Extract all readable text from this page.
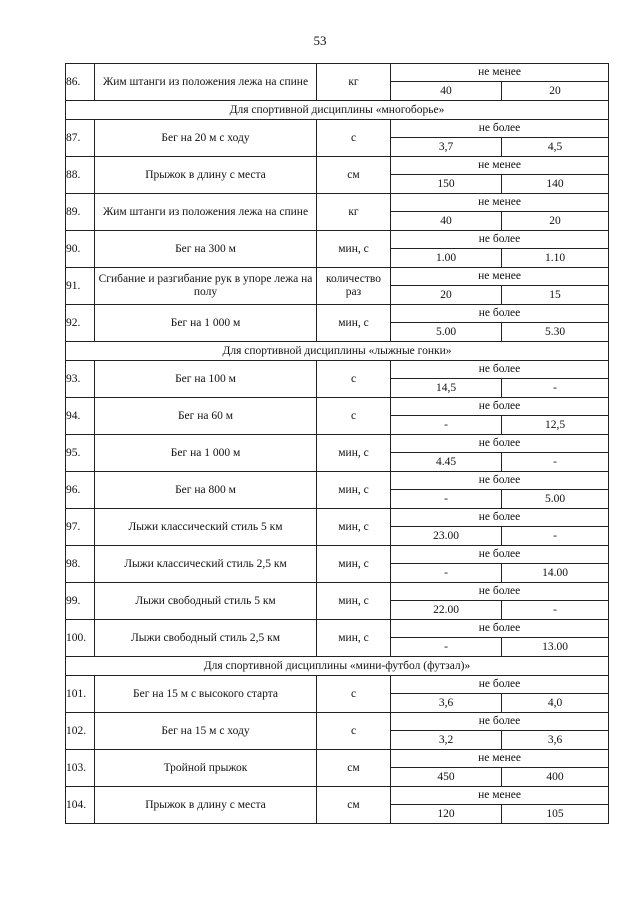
53
86.	Жим штанги из положения лежа на спине	кг	не менее	
			40	20
Для спортивной дисциплины «многоборье»				
87.	Бег на 20 м с ходу	с	не более	
			3,7	4,5
88.	Прыжок в длину с места	см	не менее	
			150	140
89.	Жим штанги из положения лежа на спине	кг	не менее	
			40	20
90.	Бег на 300 м	мин, с	не более	
			1.00	1.10
91.	Сгибание и разгибание рук в упоре лежа на полу	количество раз	не менее	
			20	15
92.	Бег на 1 000 м	мин, с	не более	
			5.00	5.30
Для спортивной дисциплины «лыжные гонки»				
93.	Бег на 100 м	с	не более	
			14,5	-
94.	Бег на 60 м	с	не более	
			-	12,5
95.	Бег на 1 000 м	мин, с	не более	
			4.45	-
96.	Бег на 800 м	мин, с	не более	
			-	5.00
97.	Лыжи классический стиль 5 км	мин, с	не более	
			23.00	-
98.	Лыжи классический стиль 2,5 км	мин, с	не более	
			-	14.00
99.	Лыжи свободный стиль 5 км	мин, с	не более	
			22.00	-
100.	Лыжи свободный стиль 2,5 км	мин, с	не более	
			-	13.00
Для спортивной дисциплины «мини-футбол (футзал)»				
101.	Бег на 15 м с высокого старта	с	не более	
			3,6	4,0
102.	Бег на 15 м с ходу	с	не более	
			3,2	3,6
103.	Тройной прыжок	см	не менее	
			450	400
104.	Прыжок в длину с места	см	не менее	
			120	105
